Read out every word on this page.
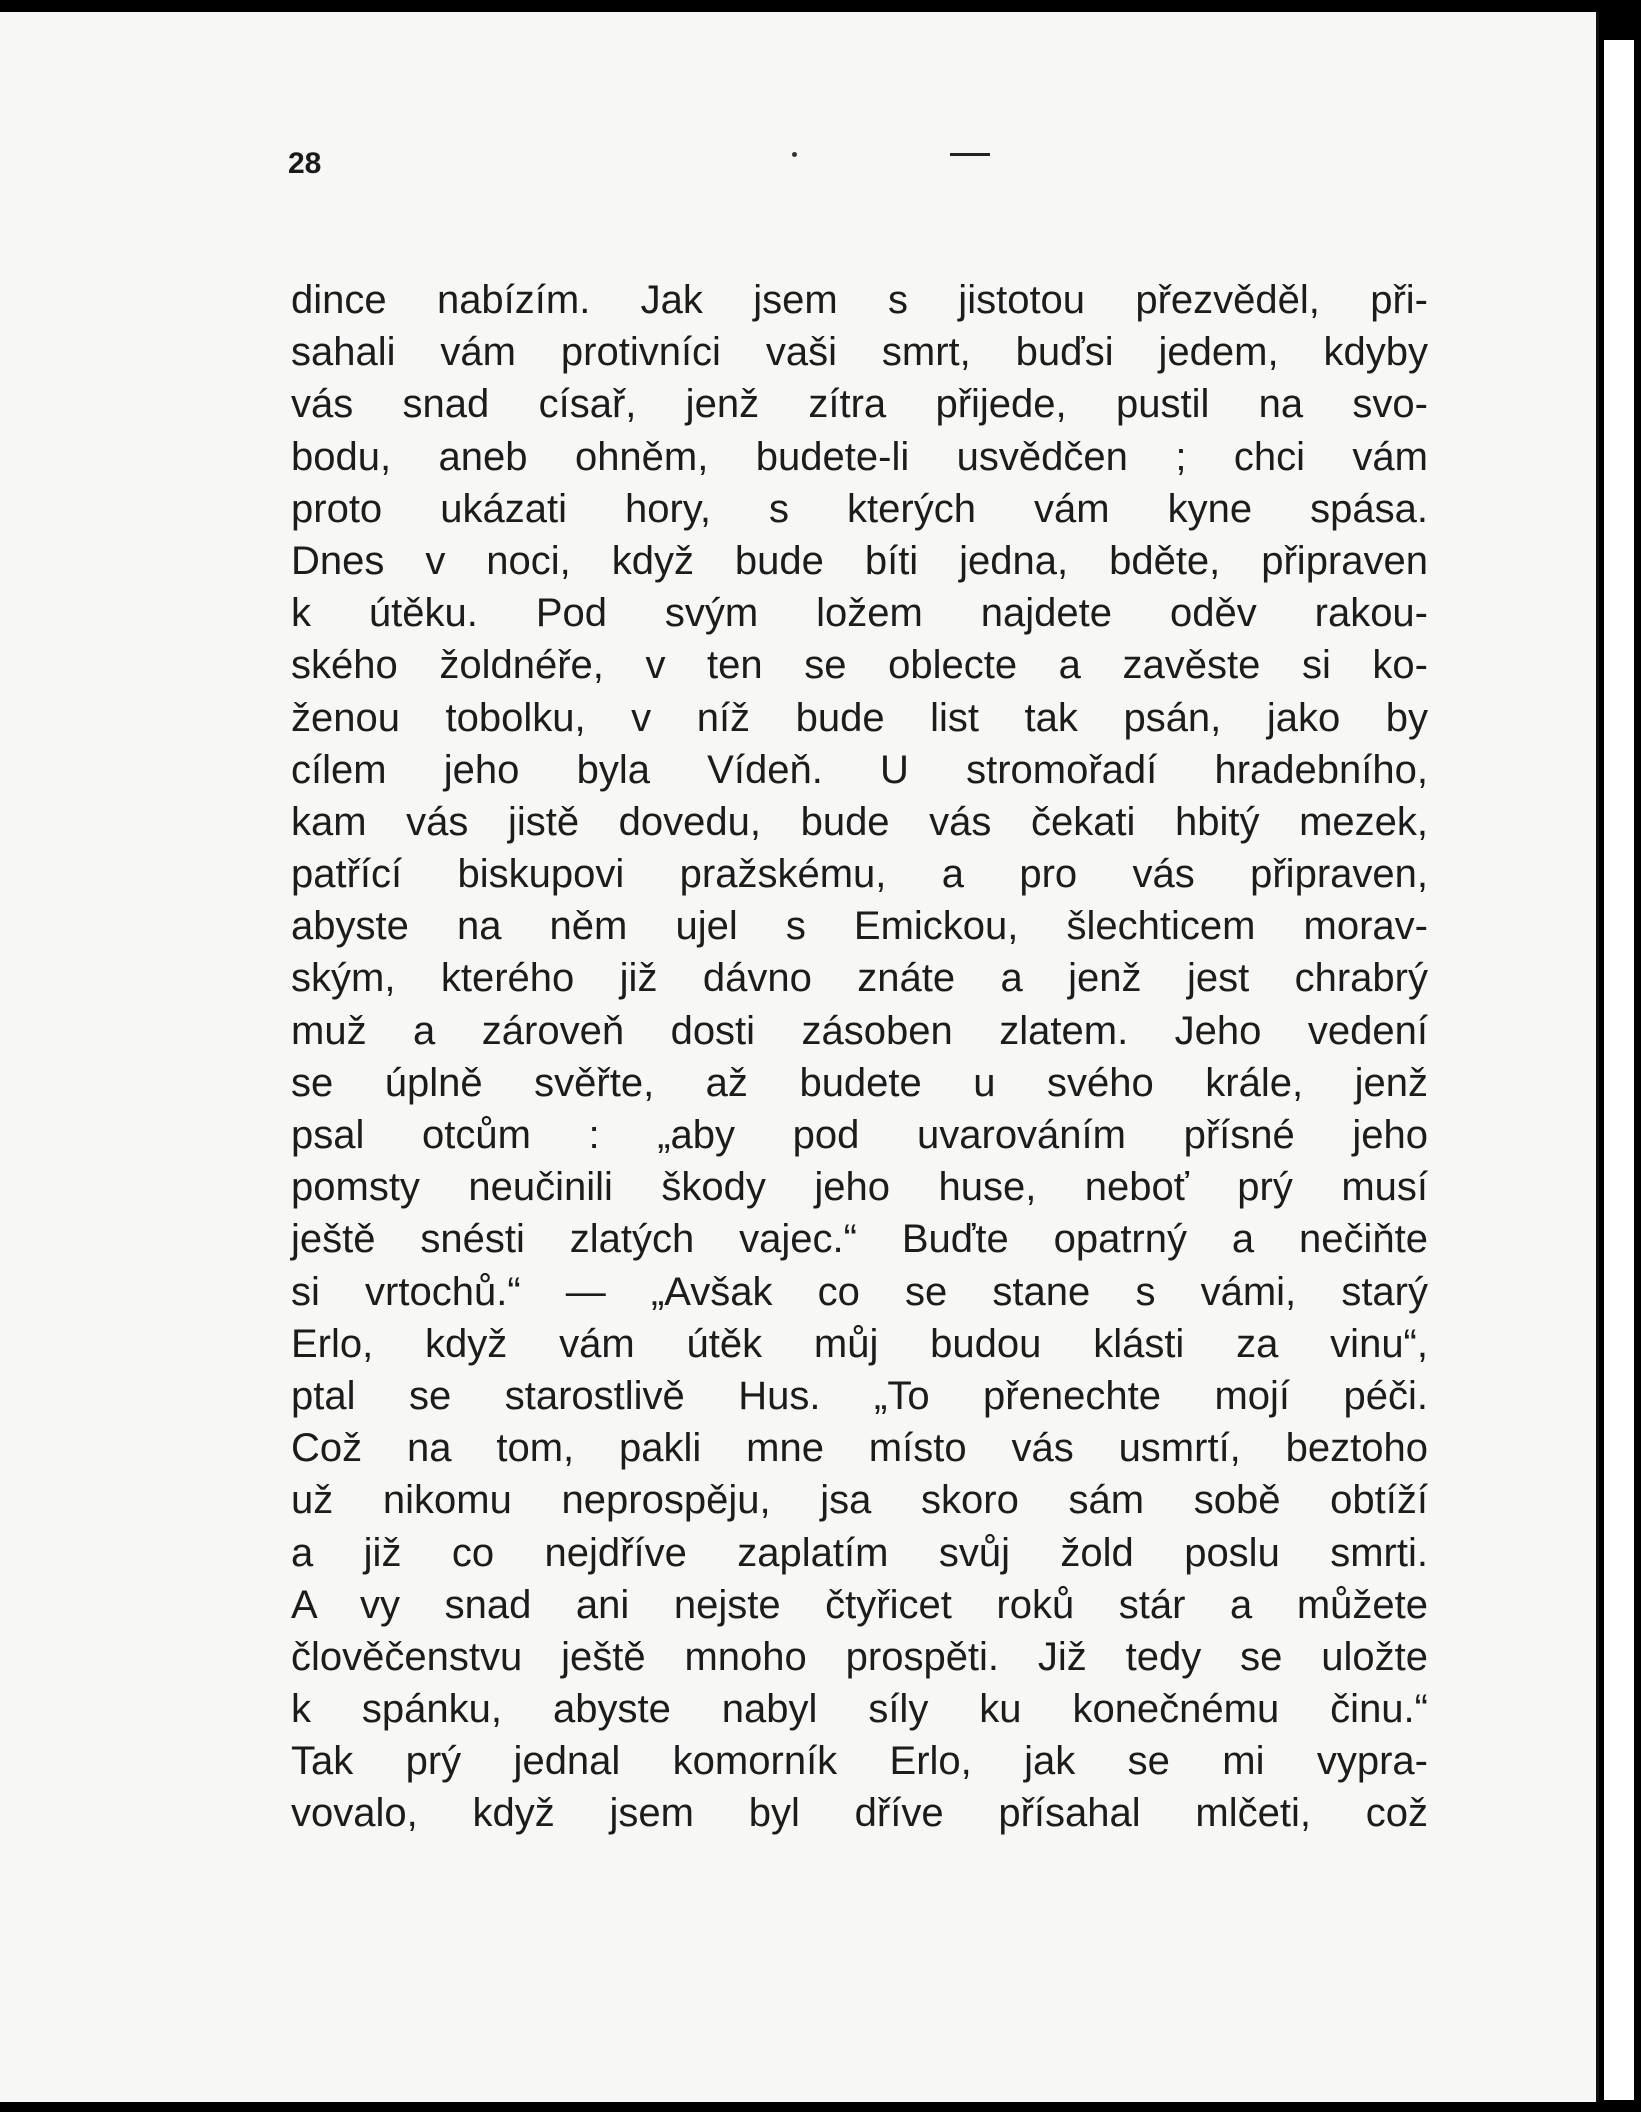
28
dince nabízím. Jak jsem s jistotou přezvěděl, při-
sahali vám protivníci vaši smrt, buďsi jedem, kdyby
vás snad císař, jenž zítra přijede, pustil na svo-
bodu, aneb ohněm, budete-li usvědčen ; chci vám
proto ukázati hory, s kterých vám kyne spása.
Dnes v noci, když bude bíti jedna, bděte, připraven
k útěku. Pod svým ložem najdete oděv rakou-
ského žoldnéře, v ten se oblecte a zavěste si ko-
ženou tobolku, v níž bude list tak psán, jako by
cílem jeho byla Vídeň. U stromořadí hradebního,
kam vás jistě dovedu, bude vás čekati hbitý mezek,
patřící biskupovi pražskému, a pro vás připraven,
abyste na něm ujel s Emickou, šlechticem morav-
ským, kterého již dávno znáte a jenž jest chrabrý
muž a zároveň dosti zásoben zlatem. Jeho vedení
se úplně svěřte, až budete u svého krále, jenž
psal otcům : „aby pod uvarováním přísné jeho
pomsty neučinili škody jeho huse, neboť prý musí
ještě snésti zlatých vajec.“ Buďte opatrný a nečiňte
si vrtochů.“ — „Avšak co se stane s vámi, starý
Erlo, když vám útěk můj budou klásti za vinu“,
ptal se starostlivě Hus. „To přenechte mojí péči.
Což na tom, pakli mne místo vás usmrtí, beztoho
už nikomu neprospěju, jsa skoro sám sobě obtíží
a již co nejdříve zaplatím svůj žold poslu smrti.
A vy snad ani nejste čtyřicet roků stár a můžete
člověčenstvu ještě mnoho prospěti. Již tedy se uložte
k spánku, abyste nabyl síly ku konečnému činu.“
Tak prý jednal komorník Erlo, jak se mi vypra-
vovalo, když jsem byl dříve přísahal mlčeti, což
